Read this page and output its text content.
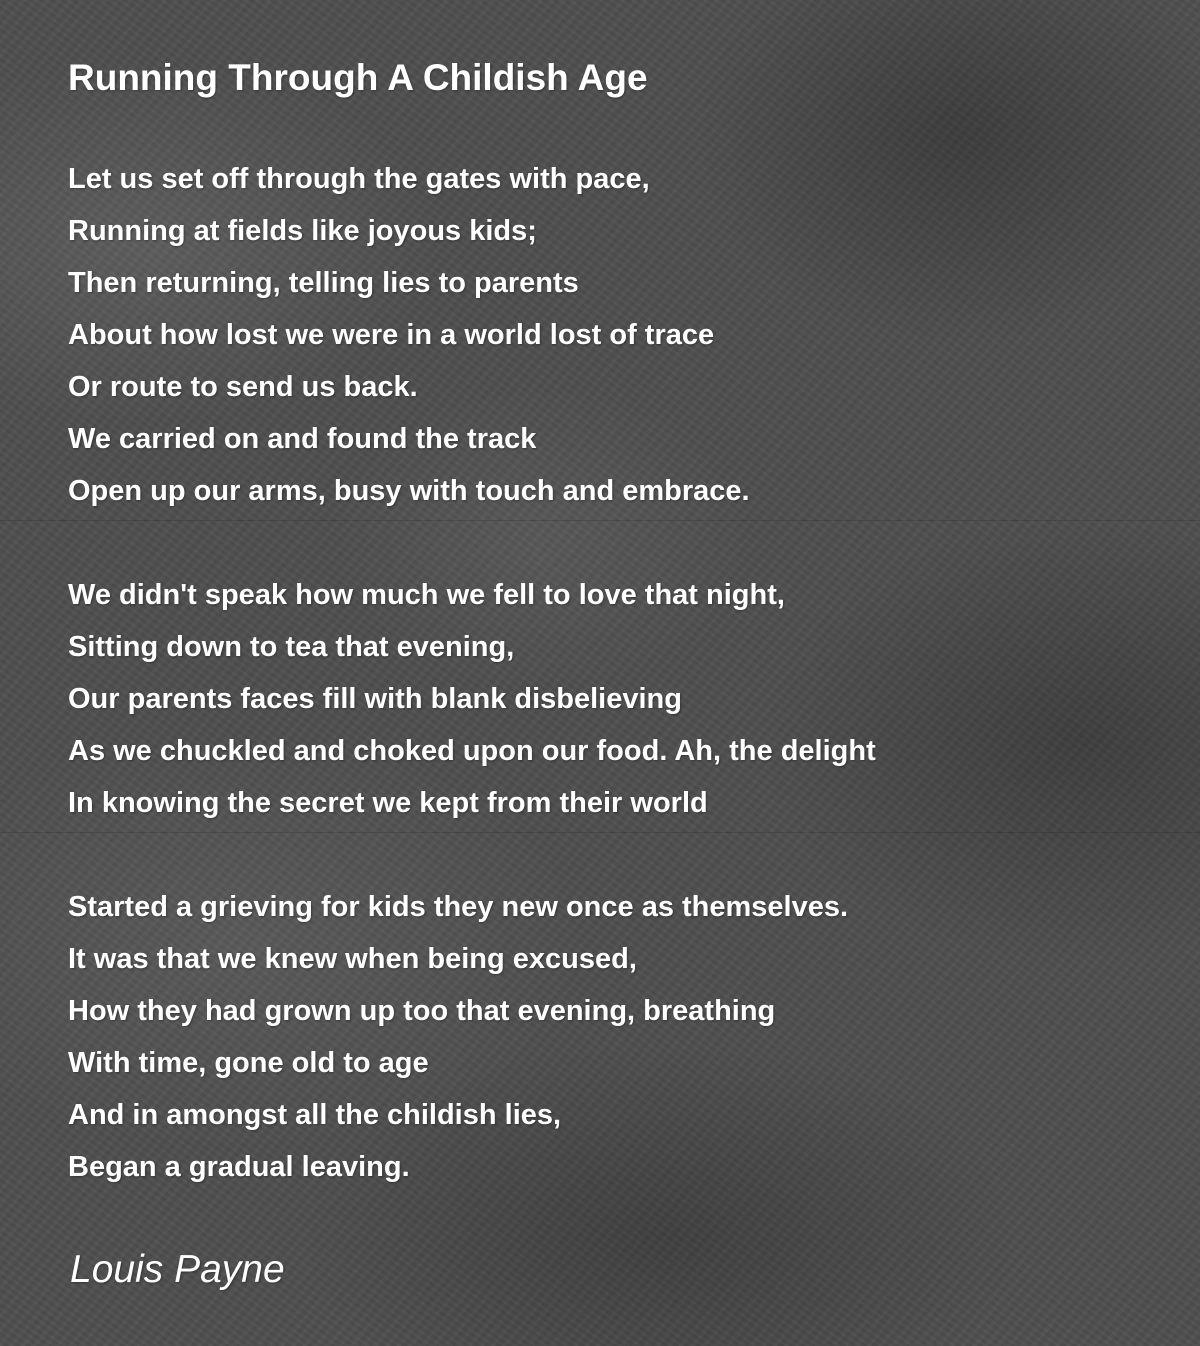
Running Through A Childish Age
Let us set off through the gates with pace,
Running at fields like joyous kids;
Then returning, telling lies to parents
About how lost we were in a world lost of trace
Or route to send us back.
We carried on and found the track
Open up our arms, busy with touch and embrace.
We didn't speak how much we fell to love that night,
Sitting down to tea that evening,
Our parents faces fill with blank disbelieving
As we chuckled and choked upon our food. Ah, the delight
In knowing the secret we kept from their world
Started a grieving for kids they new once as themselves.
It was that we knew when being excused,
How they had grown up too that evening, breathing
With time, gone old to age
And in amongst all the childish lies,
Began a gradual leaving.
Louis Payne
